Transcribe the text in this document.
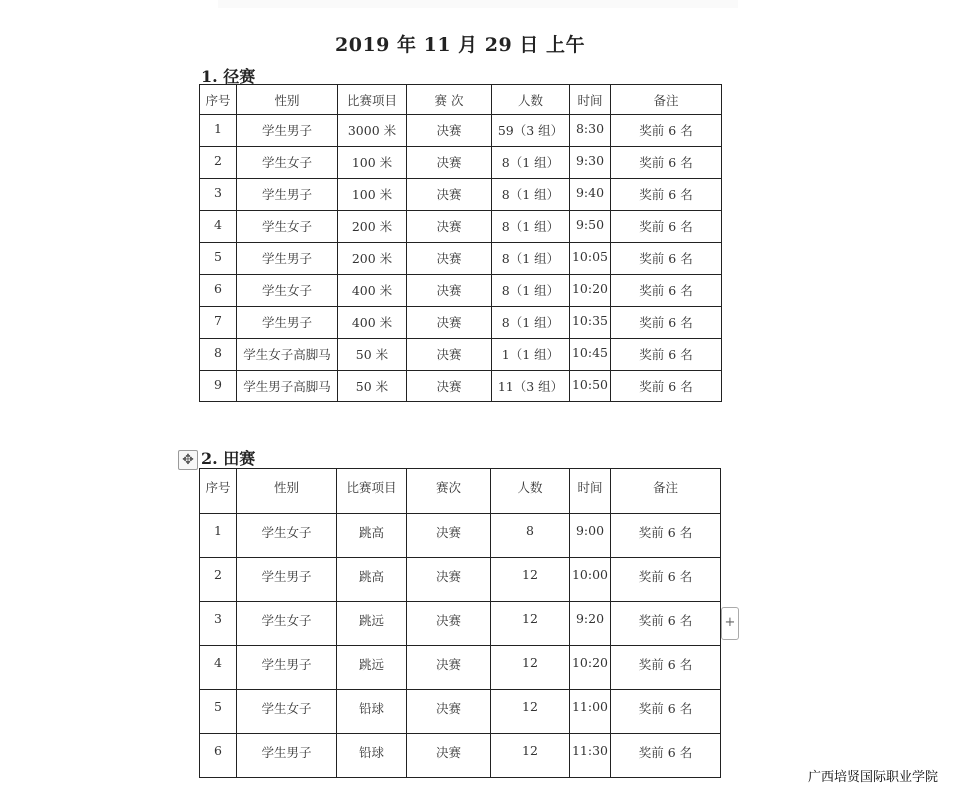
2019 年 11 月 29 日 上午
1. 径赛
序号	性别	比赛项目	赛 次	人数	时间	备注
1	学生男子	3000 米	决赛	59（3 组）	8:30	奖前 6 名
2	学生女子	100 米	决赛	8（1 组）	9:30	奖前 6 名
3	学生男子	100 米	决赛	8（1 组）	9:40	奖前 6 名
4	学生女子	200 米	决赛	8（1 组）	9:50	奖前 6 名
5	学生男子	200 米	决赛	8（1 组）	10:05	奖前 6 名
6	学生女子	400 米	决赛	8（1 组）	10:20	奖前 6 名
7	学生男子	400 米	决赛	8（1 组）	10:35	奖前 6 名
8	学生女子高脚马	50 米	决赛	1（1 组）	10:45	奖前 6 名
9	学生男子高脚马	50 米	决赛	11（3 组）	10:50	奖前 6 名
✥ 2. 田赛
序号	性别	比赛项目	赛次	人数	时间	备注
1	学生女子	跳高	决赛	8	9:00	奖前 6 名
2	学生男子	跳高	决赛	12	10:00	奖前 6 名
3	学生女子	跳远	决赛	12	9:20	奖前 6 名
4	学生男子	跳远	决赛	12	10:20	奖前 6 名
5	学生女子	铅球	决赛	12	11:00	奖前 6 名
6	学生男子	铅球	决赛	12	11:30	奖前 6 名
+
广西培贤国际职业学院
